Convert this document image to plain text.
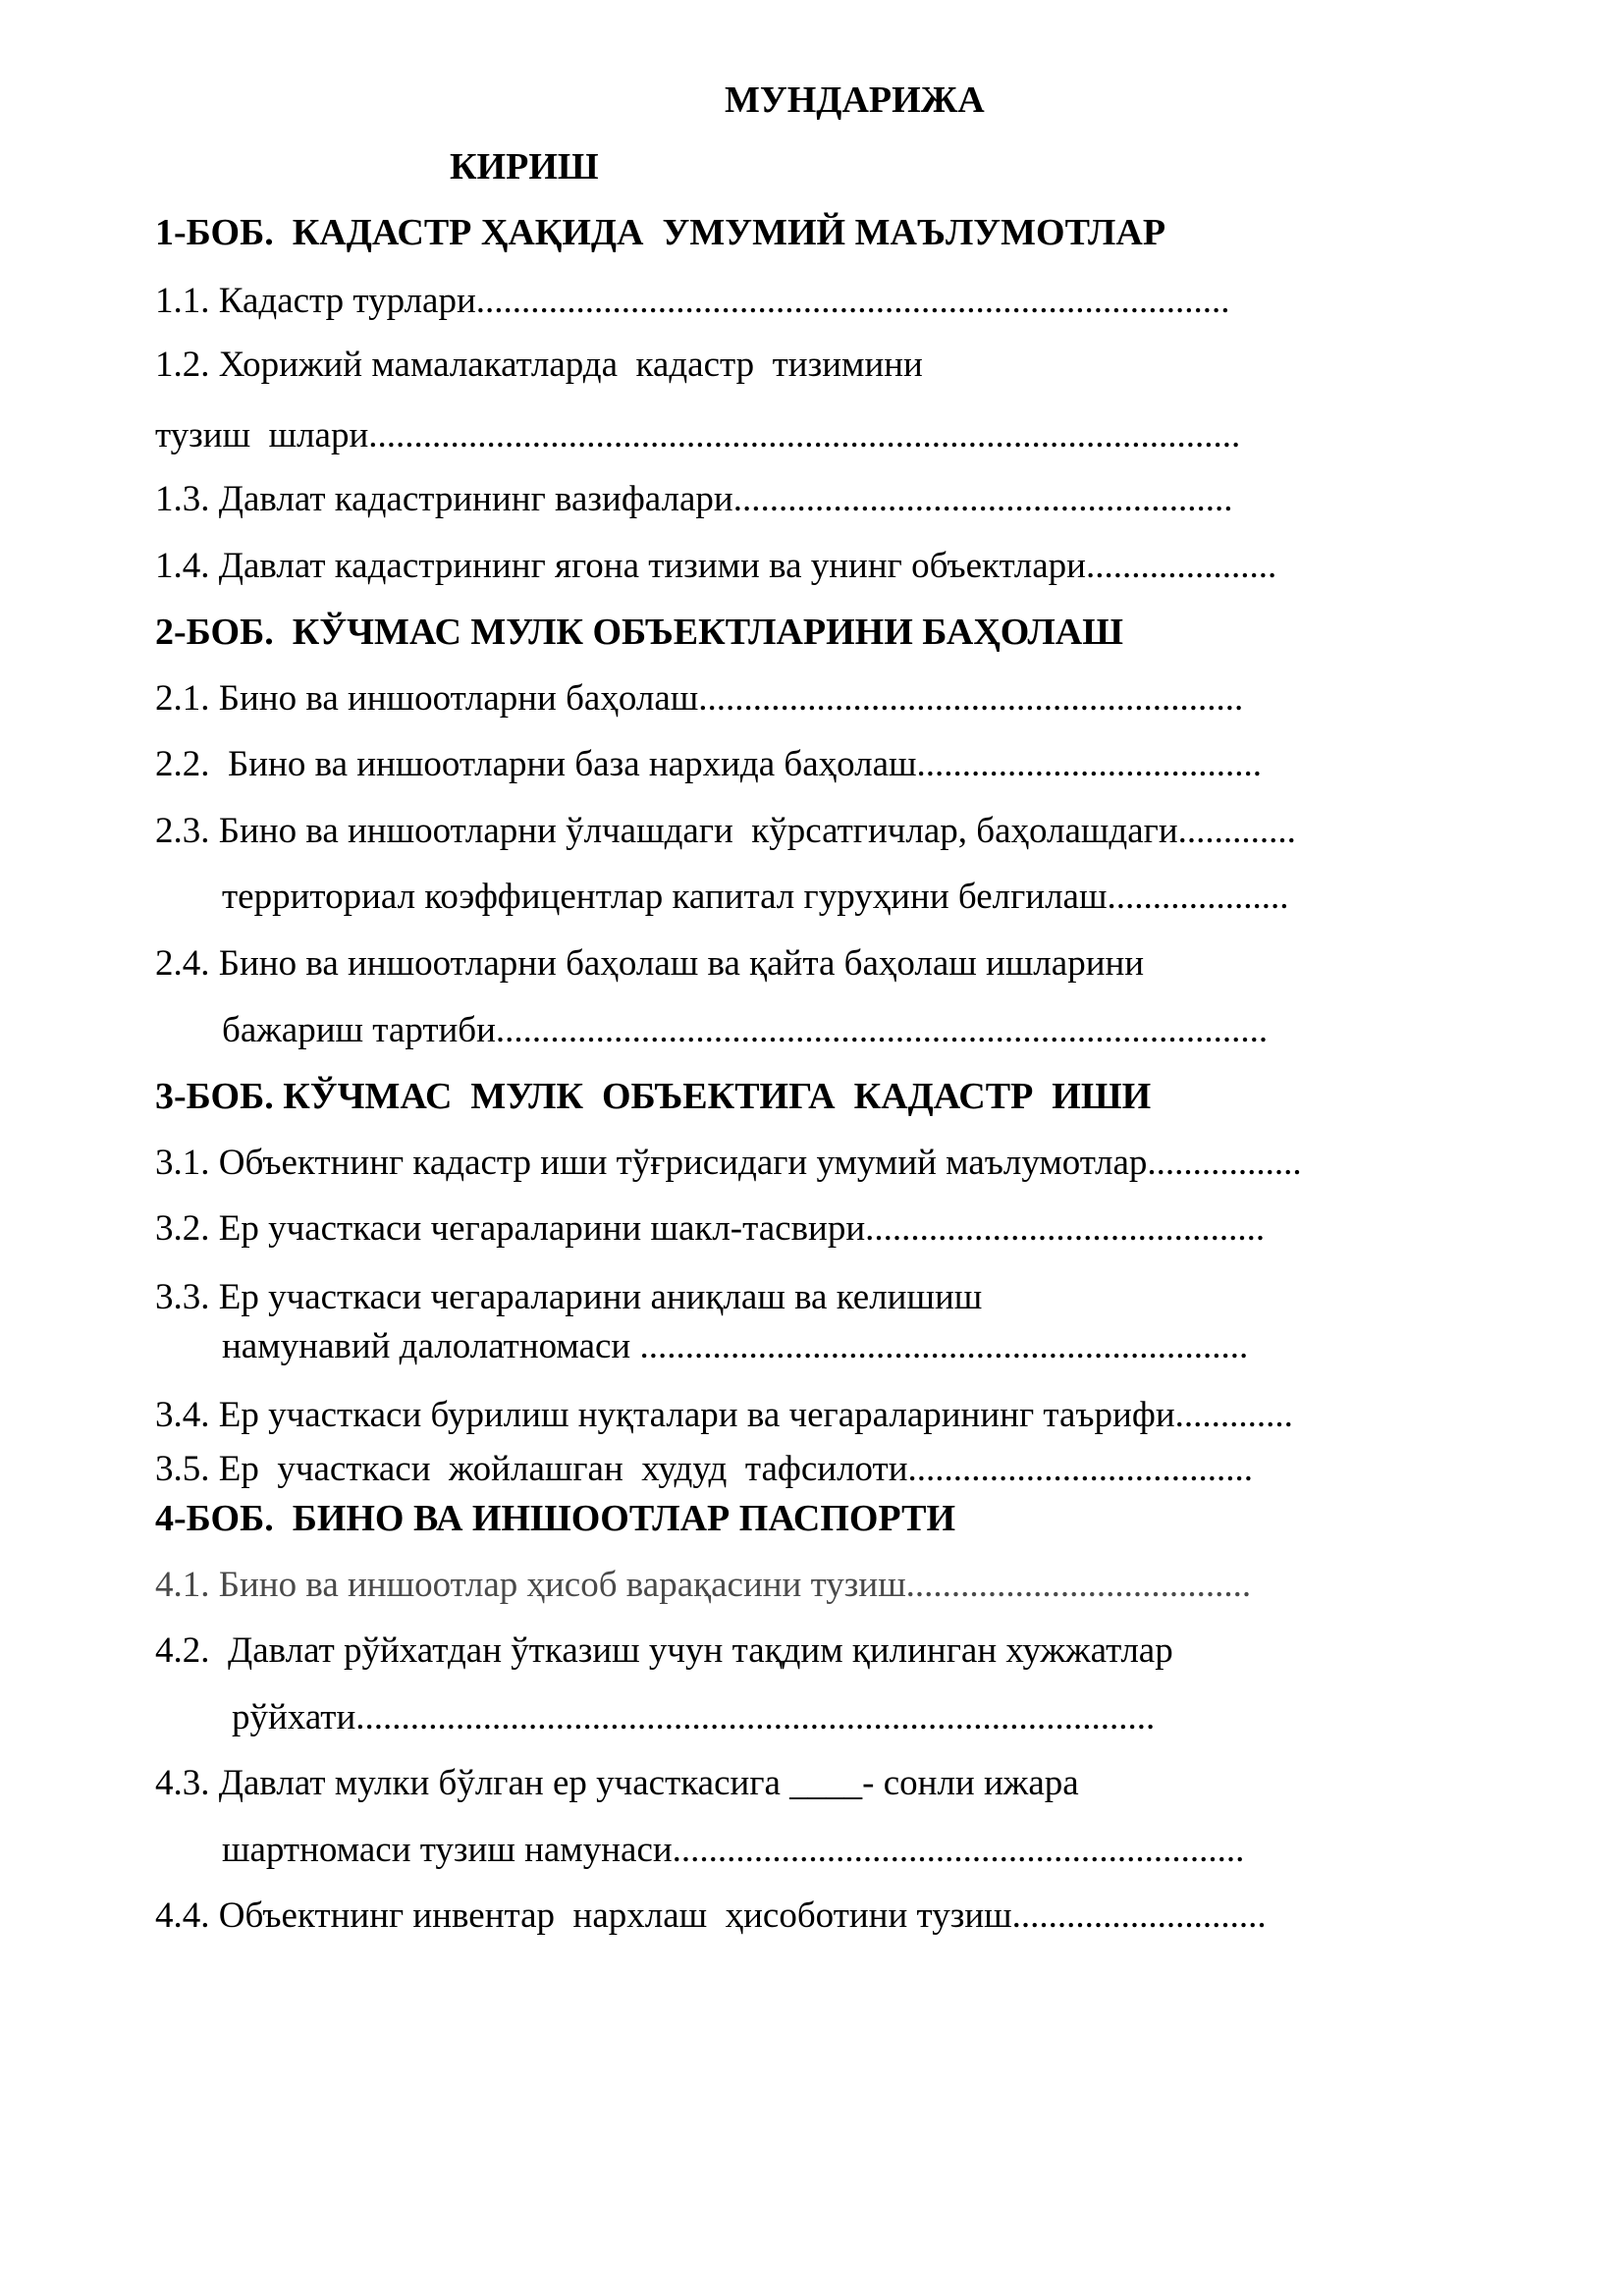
МУНДАРИЖА
КИРИШ
1-БОБ.  КАДАСТР ҲАҚИДА  УМУМИЙ МАЪЛУМОТЛАР
1.1. Кадастр турлари...................................................................................
1.2. Хорижий мамалакатларда  кадастр  тизимини
тузиш  шлари................................................................................................
1.3. Давлат кадастрининг вазифалари.......................................................
1.4. Давлат кадастрининг ягона тизими ва унинг объектлари.....................
2-БОБ.  КЎЧМАС МУЛК ОБЪЕКТЛАРИНИ БАҲОЛАШ
2.1. Бино ва иншоотларни баҳолаш............................................................
2.2.  Бино ва иншоотларни база нархида баҳолаш......................................
2.3. Бино ва иншоотларни ўлчашдаги  кўрсатгичлар, баҳолашдаги.............
территориал коэффицентлар капитал гуруҳини белгилаш....................
2.4. Бино ва иншоотларни баҳолаш ва қайта баҳолаш ишларини
бажариш тартиби.....................................................................................
3-БОБ. КЎЧМАС  МУЛК  ОБЪЕКТИГА  КАДАСТР  ИШИ
3.1. Объектнинг кадастр иши тўғрисидаги умумий маълумотлар.................
3.2. Ер участкаси чегараларини шакл-тасвири............................................
3.3. Ер участкаси чегараларини аниқлаш ва келишиш
намунавий далолатномаси ...................................................................
3.4. Ер участкаси бурилиш нуқталари ва чегараларининг таърифи.............
3.5. Ер  участкаси  жойлашган  худуд  тафсилоти......................................
4-БОБ.  БИНО ВА ИНШООТЛАР ПАСПОРТИ
4.1. Бино ва иншоотлар ҳисоб варақасини тузиш......................................
4.2.  Давлат рўйхатдан ўтказиш учун тақдим қилинган хужжатлар
рўйхати........................................................................................
4.3. Давлат мулки бўлган ер участкасига ____- сонли ижара
шартномаси тузиш намунаси...............................................................
4.4. Объектнинг инвентар  нархлаш  ҳисоботини тузиш............................
